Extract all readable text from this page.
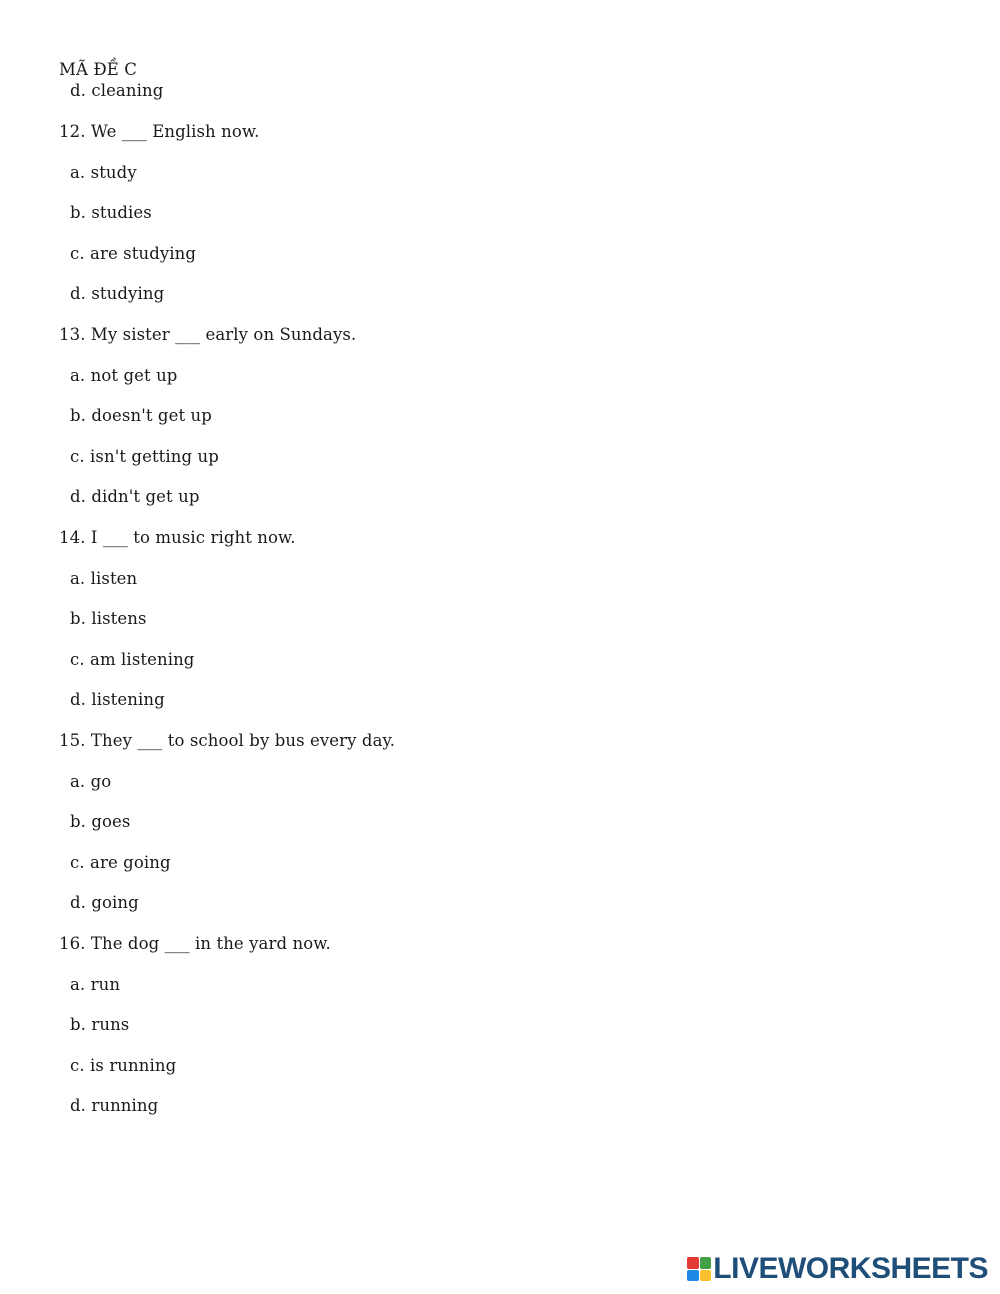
MÃ ĐỀ C
d. cleaning
12. We ___ English now.
a. study
b. studies
c. are studying
d. studying
13. My sister ___ early on Sundays.
a. not get up
b. doesn't get up
c. isn't getting up
d. didn't get up
14. I ___ to music right now.
a. listen
b. listens
c. am listening
d. listening
15. They ___ to school by bus every day.
a. go
b. goes
c. are going
d. going
16. The dog ___ in the yard now.
a. run
b. runs
c. is running
d. running
LIVEWORKSHEETS
